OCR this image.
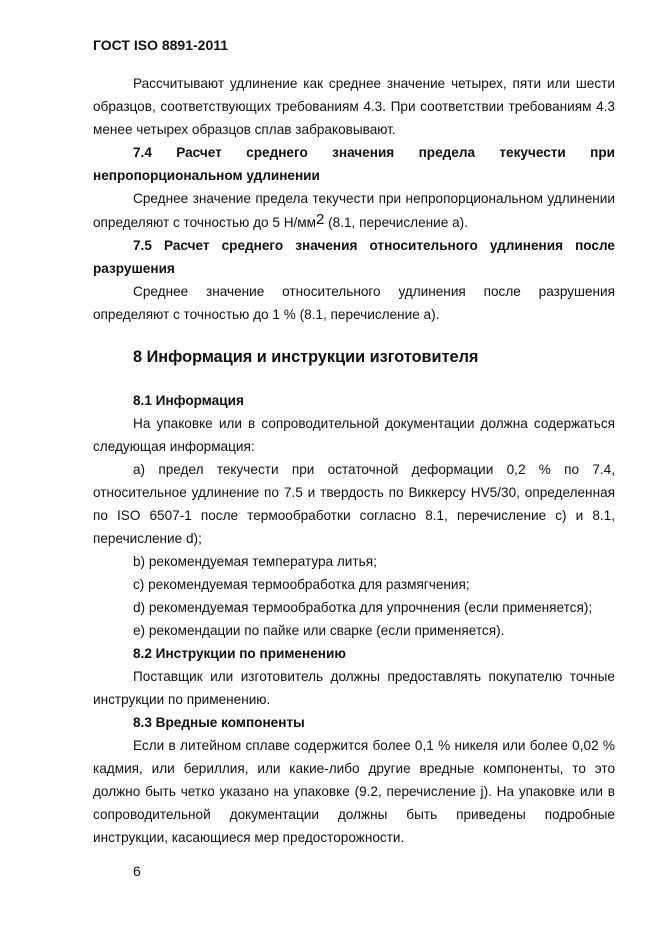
ГОСТ ISO 8891-2011

Рассчитывают удлинение как среднее значение четырех, пяти или шести образцов, соответствующих требованиям 4.3. При соответствии требованиям 4.3 менее четырех образцов сплав забраковывают.

7.4 Расчет среднего значения предела текучести при

непропорциональном удлинении

Среднее значение предела текучести при непропорциональном удлинении

определяют с точностью до 5 Н/мм2 (8.1, перечисление a).

7.5 Расчет среднего значения относительного удлинения после

разрушения

Среднее значение относительного удлинения после разрушения определяют с точностью до 1 % (8.1, перечисление а).

8 Информация и инструкции изготовителя

8.1 Информация

На упаковке или в сопроводительной документации должна содержаться следующая информация:

а) предел текучести при остаточной деформации 0,2 % по 7.4, относительное удлинение по 7.5 и твердость по Виккерсу HV5/30, определенная по ISO 6507-1 после термообработки согласно 8.1, перечисление с) и 8.1, перечисление d);

b) рекомендуемая температура литья;

c) рекомендуемая термообработка для размягчения;

d) рекомендуемая термообработка для упрочнения (если применяется);

е) рекомендации по пайке или сварке (если применяется).

8.2 Инструкции по применению

Поставщик или изготовитель должны предоставлять покупателю точные инструкции по применению.

8.3 Вредные компоненты

Если в литейном сплаве содержится более 0,1 % никеля или более 0,02 % кадмия, или бериллия, или какие-либо другие вредные компоненты, то это должно быть четко указано на упаковке (9.2, перечисление j). На упаковке или в сопроводительной документации должны быть приведены подробные инструкции, касающиеся мер предосторожности.

6
